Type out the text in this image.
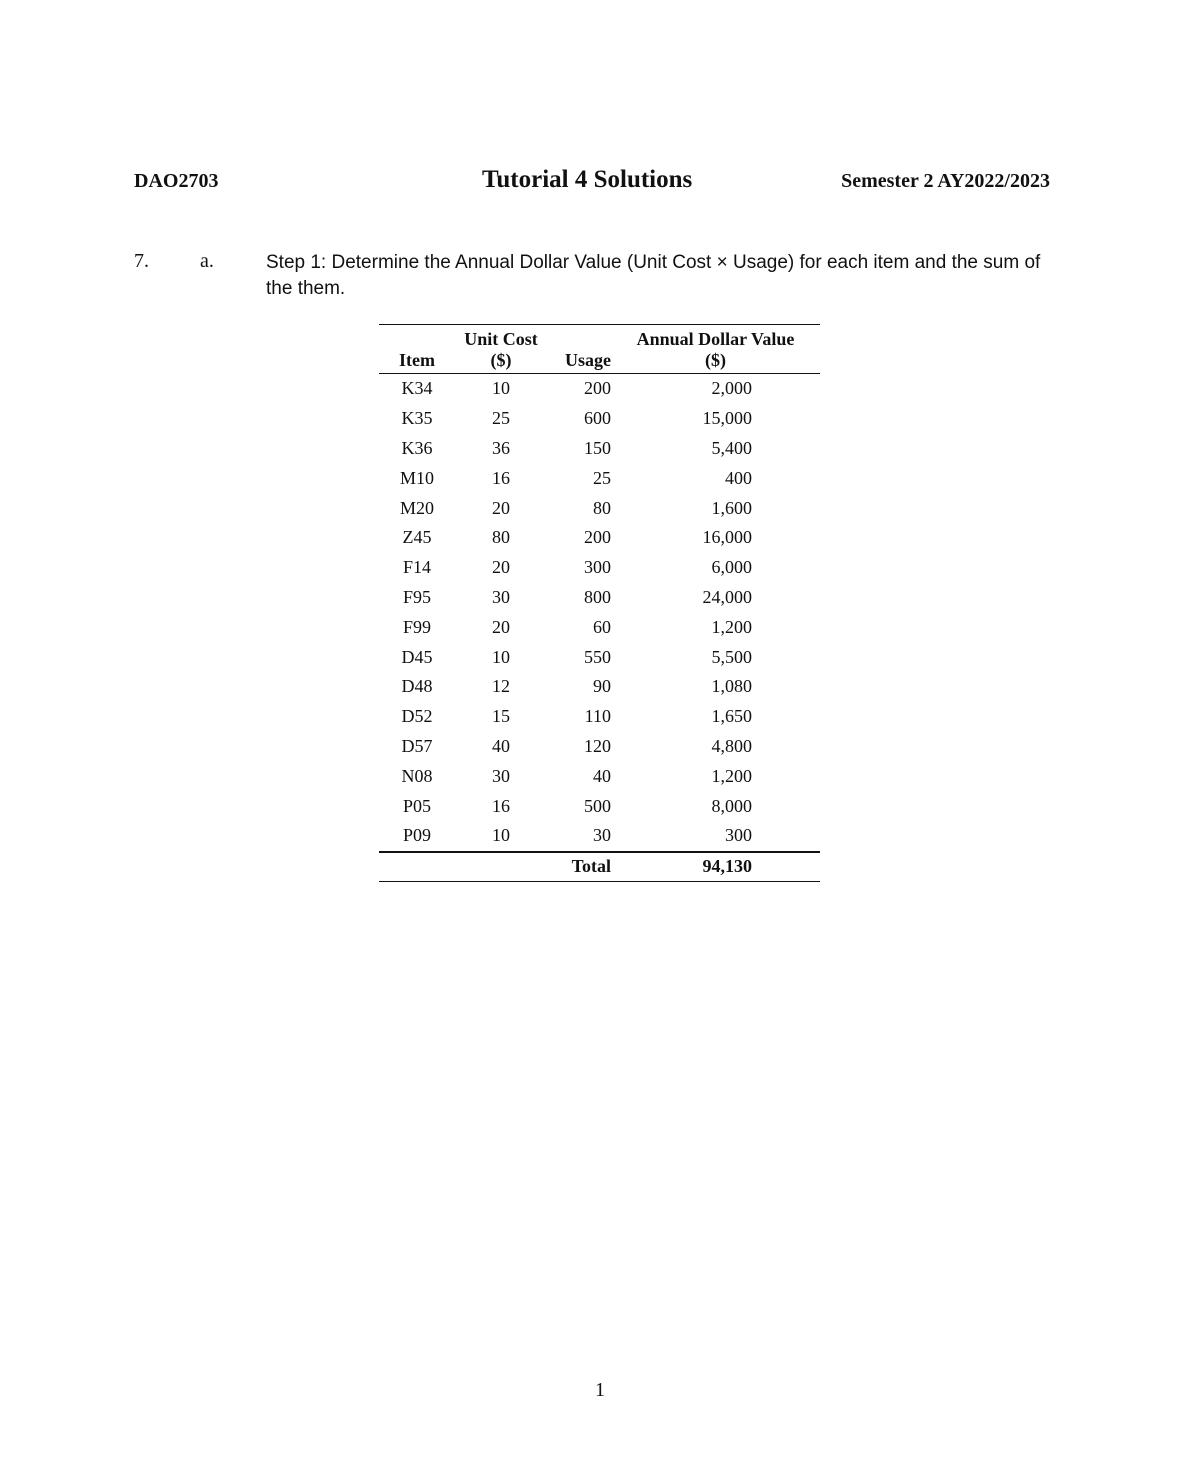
DAO2703	Tutorial 4 Solutions	Semester 2 AY2022/2023
7.	a.	Step 1: Determine the Annual Dollar Value (Unit Cost × Usage) for each item and the sum of the them.
	Unit Cost		Annual Dollar Value	
Item	($)	Usage	($)	
K34	10	200	2,000	
K35	25	600	15,000	
K36	36	150	5,400	
M10	16	25	400	
M20	20	80	1,600	
Z45	80	200	16,000	
F14	20	300	6,000	
F95	30	800	24,000	
F99	20	60	1,200	
D45	10	550	5,500	
D48	12	90	1,080	
D52	15	110	1,650	
D57	40	120	4,800	
N08	30	40	1,200	
P05	16	500	8,000	
P09	10	30	300	
		Total	94,130	
1
